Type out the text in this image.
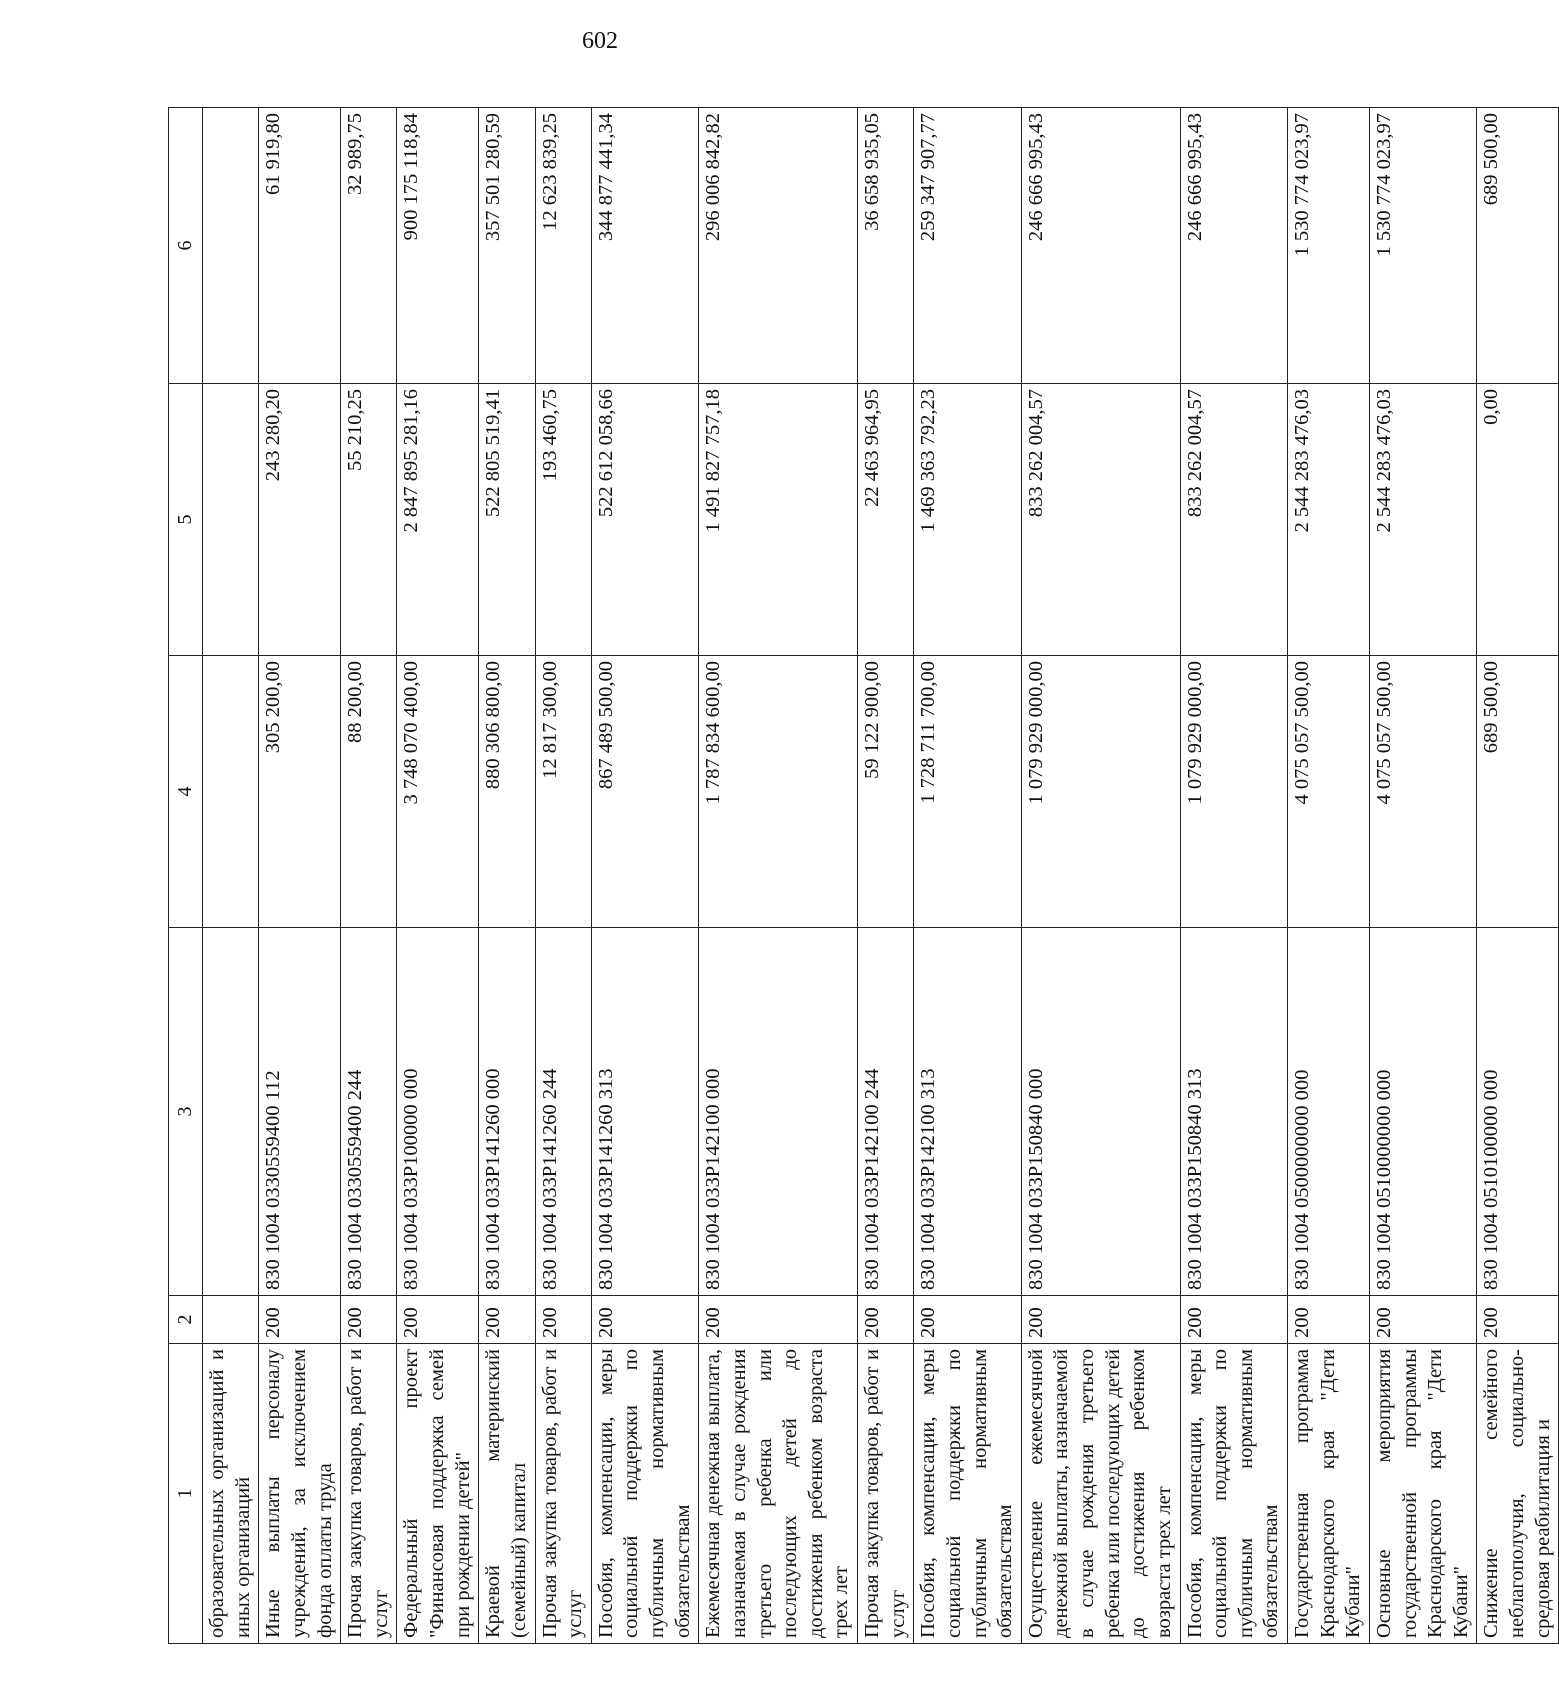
602
1	2	3	4	5	6
образовательных организаций и иных организаций					
Иные выплаты персоналу учреждений, за исключением фонда оплаты труда	200	830 1004 0330559400 112	305 200,00	243 280,20	61 919,80
Прочая закупка товаров, работ и услуг	200	830 1004 0330559400 244	88 200,00	55 210,25	32 989,75
Федеральный проект "Финансовая поддержка семей при рождении детей"	200	830 1004 033P100000 000	3 748 070 400,00	2 847 895 281,16	900 175 118,84
Краевой материнский (семейный) капитал	200	830 1004 033P141260 000	880 306 800,00	522 805 519,41	357 501 280,59
Прочая закупка товаров, работ и услуг	200	830 1004 033P141260 244	12 817 300,00	193 460,75	12 623 839,25
Пособия, компенсации, меры социальной поддержки по публичным нормативным обязательствам	200	830 1004 033P141260 313	867 489 500,00	522 612 058,66	344 877 441,34
Ежемесячная денежная выплата, назначаемая в случае рождения третьего ребенка или последующих детей до достижения ребенком возраста трех лет	200	830 1004 033P142100 000	1 787 834 600,00	1 491 827 757,18	296 006 842,82
Прочая закупка товаров, работ и услуг	200	830 1004 033P142100 244	59 122 900,00	22 463 964,95	36 658 935,05
Пособия, компенсации, меры социальной поддержки по публичным нормативным обязательствам	200	830 1004 033P142100 313	1 728 711 700,00	1 469 363 792,23	259 347 907,77
Осуществление ежемесячной денежной выплаты, назначаемой в случае рождения третьего ребенка или последующих детей до достижения ребенком возраста трех лет	200	830 1004 033P150840 000	1 079 929 000,00	833 262 004,57	246 666 995,43
Пособия, компенсации, меры социальной поддержки по публичным нормативным обязательствам	200	830 1004 033P150840 313	1 079 929 000,00	833 262 004,57	246 666 995,43
Государственная программа Краснодарского края "Дети Кубани"	200	830 1004 0500000000 000	4 075 057 500,00	2 544 283 476,03	1 530 774 023,97
Основные мероприятия государственной программы Краснодарского края "Дети Кубани"	200	830 1004 0510000000 000	4 075 057 500,00	2 544 283 476,03	1 530 774 023,97
Снижение семейного неблагополучия, социально-средовая реабилитация и	200	830 1004 0510100000 000	689 500,00	0,00	689 500,00
